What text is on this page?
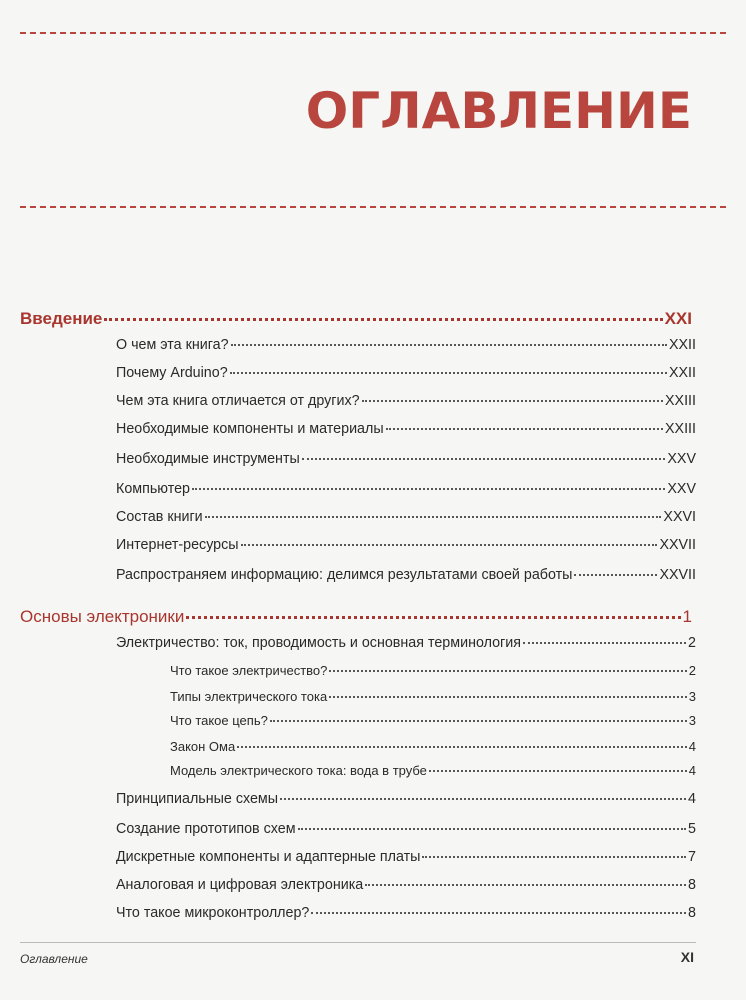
ОГЛАВЛЕНИЕ
Введение	XXI
О чем эта книга?	XXII
Почему Arduino?	XXII
Чем эта книга отличается от других?	XXIII
Необходимые компоненты и материалы	XXIII
Необходимые инструменты	XXV
Компьютер	XXV
Состав книги	XXVI
Интернет-ресурсы	XXVII
Распространяем информацию: делимся результатами своей работы	XXVII
Основы электроники	1
Электричество: ток, проводимость и основная терминология	2
Что такое электричество?	2
Типы электрического тока	3
Что такое цепь?	3
Закон Ома	4
Модель электрического тока: вода в трубе	4
Принципиальные схемы	4
Создание прототипов схем	5
Дискретные компоненты и адаптерные платы	7
Аналоговая и цифровая электроника	8
Что такое микроконтроллер?	8
Оглавление	XI
